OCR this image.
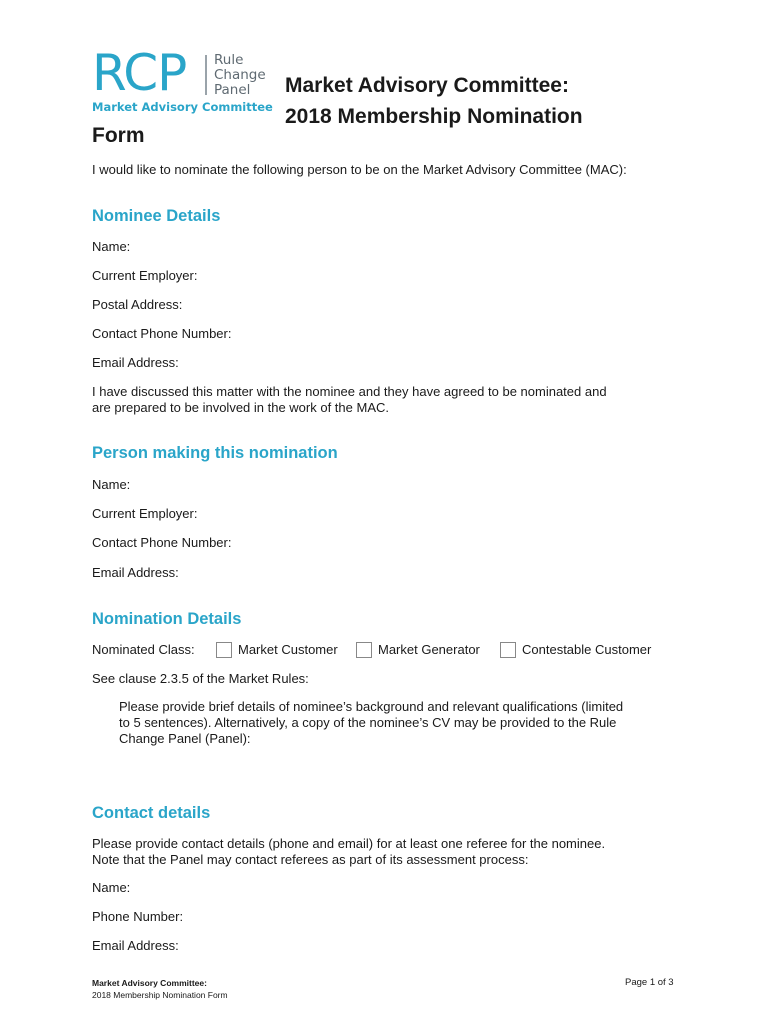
RCP Rule
Change
Panel
Market Advisory Committee
Market Advisory Committee:
2018 Membership Nomination
Form
I would like to nominate the following person to be on the Market Advisory Committee (MAC):
Nominee Details
Name:
Current Employer:
Postal Address:
Contact Phone Number:
Email Address:
I have discussed this matter with the nominee and they have agreed to be nominated and
are prepared to be involved in the work of the MAC.
Person making this nomination
Name:
Current Employer:
Contact Phone Number:
Email Address:
Nomination Details
Nominated Class:	Market Customer	Market Generator	Contestable Customer
See clause 2.3.5 of the Market Rules:
Please provide brief details of nominee’s background and relevant qualifications (limited
to 5 sentences). Alternatively, a copy of the nominee’s CV may be provided to the Rule
Change Panel (Panel):
Contact details
Please provide contact details (phone and email) for at least one referee for the nominee.
Note that the Panel may contact referees as part of its assessment process:
Name:
Phone Number:
Email Address:
Market Advisory Committee:
2018 Membership Nomination Form
Page 1 of 3
